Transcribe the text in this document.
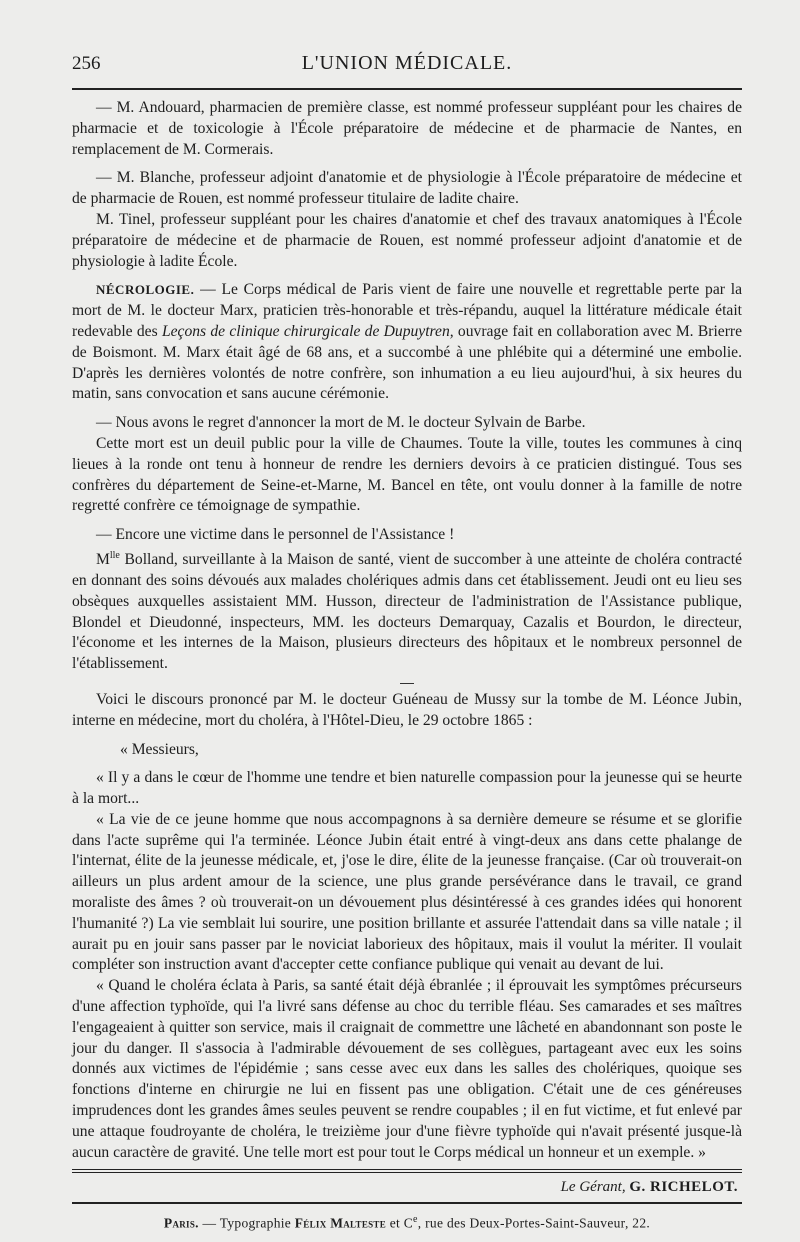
256	L'UNION MÉDICALE.

— M. Andouard, pharmacien de première classe, est nommé professeur suppléant pour les chaires de pharmacie et de toxicologie à l'École préparatoire de médecine et de pharmacie de Nantes, en remplacement de M. Cormerais.

— M. Blanche, professeur adjoint d'anatomie et de physiologie à l'École préparatoire de médecine et de pharmacie de Rouen, est nommé professeur titulaire de ladite chaire.

M. Tinel, professeur suppléant pour les chaires d'anatomie et chef des travaux anatomiques à l'École préparatoire de médecine et de pharmacie de Rouen, est nommé professeur adjoint d'anatomie et de physiologie à ladite École.

NÉCROLOGIE. — Le Corps médical de Paris vient de faire une nouvelle et regrettable perte par la mort de M. le docteur Marx, praticien très-honorable et très-répandu, auquel la littérature médicale était redevable des Leçons de clinique chirurgicale de Dupuytren, ouvrage fait en collaboration avec M. Brierre de Boismont. M. Marx était âgé de 68 ans, et a succombé à une phlébite qui a déterminé une embolie. D'après les dernières volontés de notre confrère, son inhumation a eu lieu aujourd'hui, à six heures du matin, sans convocation et sans aucune cérémonie.

— Nous avons le regret d'annoncer la mort de M. le docteur Sylvain de Barbe.

Cette mort est un deuil public pour la ville de Chaumes. Toute la ville, toutes les communes à cinq lieues à la ronde ont tenu à honneur de rendre les derniers devoirs à ce praticien distingué. Tous ses confrères du département de Seine-et-Marne, M. Bancel en tête, ont voulu donner à la famille de notre regretté confrère ce témoignage de sympathie.

— Encore une victime dans le personnel de l'Assistance !

$M^{lle}$ Bolland, surveillante à la Maison de santé, vient de succomber à une atteinte de choléra contracté en donnant des soins dévoués aux malades cholériques admis dans cet établissement. Jeudi ont eu lieu ses obsèques auxquelles assistaient MM. Husson, directeur de l'administration de l'Assistance publique, Blondel et Dieudonné, inspecteurs, MM. les docteurs Demarquay, Cazalis et Bourdon, le directeur, l'économe et les internes de la Maison, plusieurs directeurs des hôpitaux et le nombreux personnel de l'établissement.

Voici le discours prononcé par M. le docteur Guéneau de Mussy sur la tombe de M. Léonce Jubin, interne en médecine, mort du choléra, à l'Hôtel-Dieu, le 29 octobre 1865 :

« Messieurs,

« Il y a dans le cœur de l'homme une tendre et bien naturelle compassion pour la jeunesse qui se heurte à la mort...

« La vie de ce jeune homme que nous accompagnons à sa dernière demeure se résume et se glorifie dans l'acte suprême qui l'a terminée. Léonce Jubin était entré à vingt-deux ans dans cette phalange de l'internat, élite de la jeunesse médicale, et, j'ose le dire, élite de la jeunesse française. (Car où trouverait-on ailleurs un plus ardent amour de la science, une plus grande persévérance dans le travail, ce grand moraliste des âmes ? où trouverait-on un dévouement plus désintéressé à ces grandes idées qui honorent l'humanité ?) La vie semblait lui sourire, une position brillante et assurée l'attendait dans sa ville natale ; il aurait pu en jouir sans passer par le noviciat laborieux des hôpitaux, mais il voulut la mériter. Il voulait compléter son instruction avant d'accepter cette confiance publique qui venait au devant de lui.

« Quand le choléra éclata à Paris, sa santé était déjà ébranlée ; il éprouvait les symptômes précurseurs d'une affection typhoïde, qui l'a livré sans défense au choc du terrible fléau. Ses camarades et ses maîtres l'engageaient à quitter son service, mais il craignait de commettre une lâcheté en abandonnant son poste le jour du danger. Il s'associa à l'admirable dévouement de ses collègues, partageant avec eux les soins donnés aux victimes de l'épidémie ; sans cesse avec eux dans les salles des cholériques, quoique ses fonctions d'interne en chirurgie ne lui en fissent pas une obligation. C'était une de ces généreuses imprudences dont les grandes âmes seules peuvent se rendre coupables ; il en fut victime, et fut enlevé par une attaque foudroyante de choléra, le treizième jour d'une fièvre typhoïde qui n'avait présenté jusque-là aucun caractère de gravité. Une telle mort est pour tout le Corps médical un honneur et un exemple. »

Le Gérant, G. RICHELOT.
Paris. — Typographie Félix Malteste et Ce, rue des Deux-Portes-Saint-Sauveur, 22.
